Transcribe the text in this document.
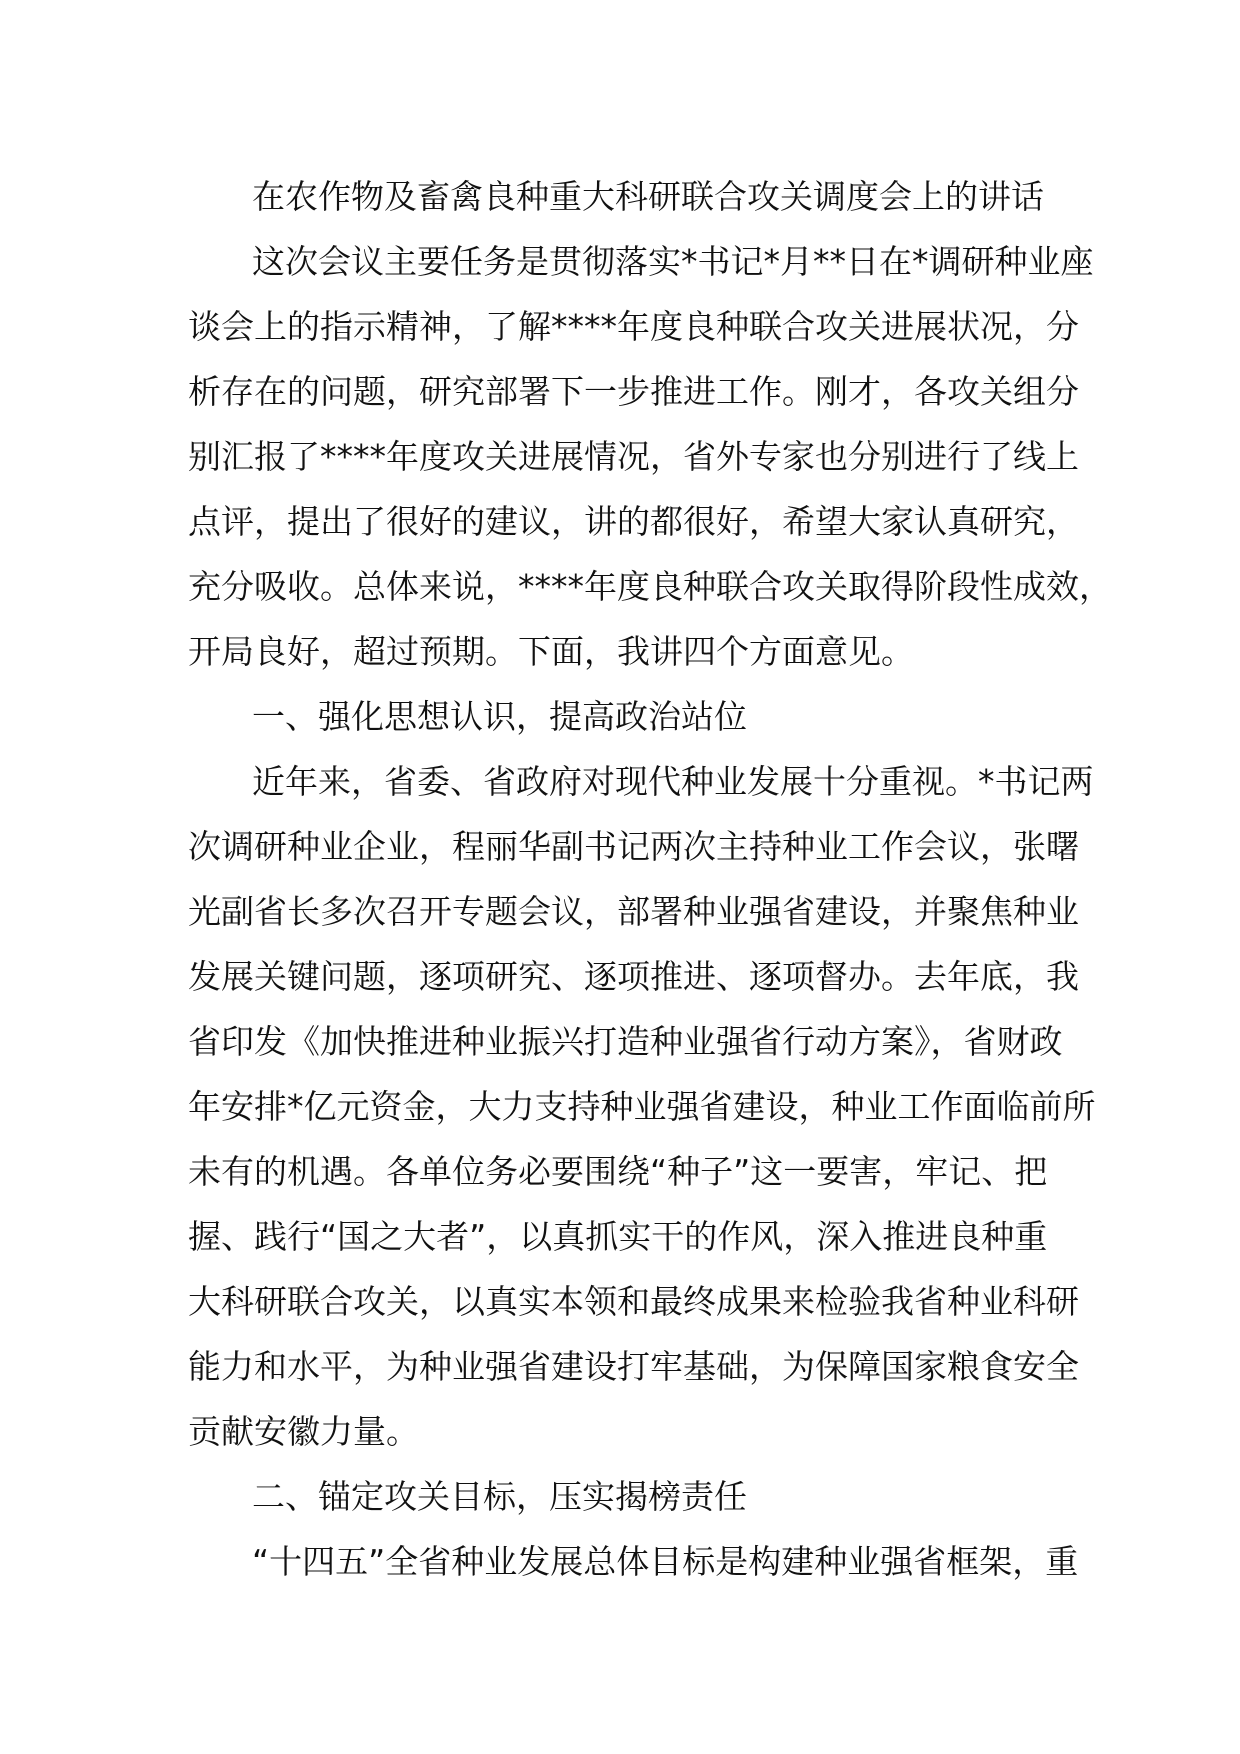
在农作物及畜禽良种重大科研联合攻关调度会上的讲话
这次会议主要任务是贯彻落实*书记*月**日在*调研种业座
谈会上的指示精神，了解****年度良种联合攻关进展状况，分
析存在的问题，研究部署下一步推进工作。刚才，各攻关组分
别汇报了****年度攻关进展情况，省外专家也分别进行了线上
点评，提出了很好的建议，讲的都很好，希望大家认真研究，
充分吸收。总体来说，****年度良种联合攻关取得阶段性成效，
开局良好，超过预期。下面，我讲四个方面意见。
一、强化思想认识，提高政治站位
近年来，省委、省政府对现代种业发展十分重视。*书记两
次调研种业企业，程丽华副书记两次主持种业工作会议，张曙
光副省长多次召开专题会议，部署种业强省建设，并聚焦种业
发展关键问题，逐项研究、逐项推进、逐项督办。去年底，我
省印发《加快推进种业振兴打造种业强省行动方案》，省财政
年安排*亿元资金，大力支持种业强省建设，种业工作面临前所
未有的机遇。各单位务必要围绕“种子”这一要害，牢记、把
握、践行“国之大者”，以真抓实干的作风，深入推进良种重
大科研联合攻关，以真实本领和最终成果来检验我省种业科研
能力和水平，为种业强省建设打牢基础，为保障国家粮食安全
贡献安徽力量。
二、锚定攻关目标，压实揭榜责任
“十四五”全省种业发展总体目标是构建种业强省框架，重
